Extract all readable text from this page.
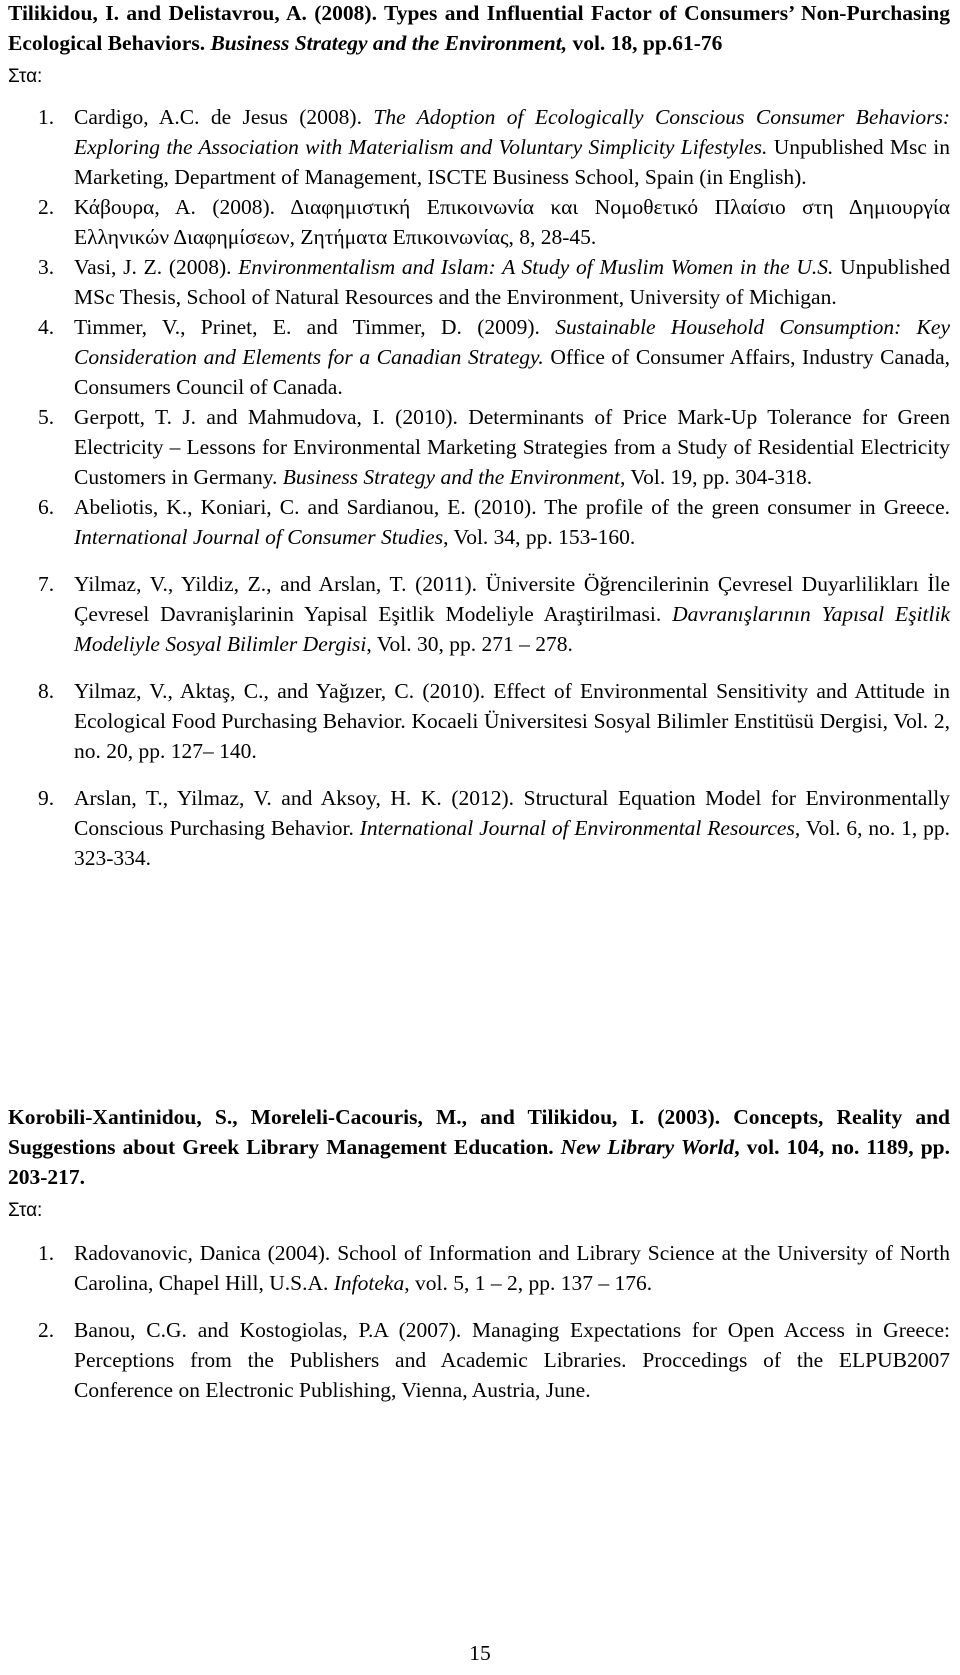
Tilikidou, I. and Delistavrou, A. (2008). Types and Influential Factor of Consumers’ Non-Purchasing Ecological Behaviors. Business Strategy and the Environment, vol. 18, pp.61-76
Στα:
1. Cardigo, A.C. de Jesus (2008). The Adoption of Ecologically Conscious Consumer Behaviors: Exploring the Association with Materialism and Voluntary Simplicity Lifestyles. Unpublished Msc in Marketing, Department of Management, ISCTE Business School, Spain (in English).
2. Κάβουρα, Α. (2008). Διαφημιστική Επικοινωνία και Νομοθετικό Πλαίσιο στη Δημιουργία Ελληνικών Διαφημίσεων, Ζητήματα Επικοινωνίας, 8, 28-45.
3. Vasi, J. Z. (2008). Environmentalism and Islam: A Study of Muslim Women in the U.S. Unpublished MSc Thesis, School of Natural Resources and the Environment, University of Michigan.
4. Timmer, V., Prinet, E. and Timmer, D. (2009). Sustainable Household Consumption: Key Consideration and Elements for a Canadian Strategy. Office of Consumer Affairs, Industry Canada, Consumers Council of Canada.
5. Gerpott, T. J. and Mahmudova, I. (2010). Determinants of Price Mark-Up Tolerance for Green Electricity – Lessons for Environmental Marketing Strategies from a Study of Residential Electricity Customers in Germany. Business Strategy and the Environment, Vol. 19, pp. 304-318.
6. Abeliotis, K., Koniari, C. and Sardianou, E. (2010). The profile of the green consumer in Greece. International Journal of Consumer Studies, Vol. 34, pp. 153-160.
7. Yilmaz, V., Yildiz, Z., and Arslan, T. (2011). Üniversite Öğrencilerinin Çevresel Duyarlilikları İle Çevresel Davranişlarinin Yapisal Eşitlik Modeliyle Araştirilmasi. Davranışlarının Yapısal Eşitlik Modeliyle Sosyal Bilimler Dergisi, Vol. 30, pp. 271 – 278.
8. Yilmaz, V., Aktaş, C., and Yağızer, C. (2010). Effect of Environmental Sensitivity and Attitude in Ecological Food Purchasing Behavior. Kocaeli Üniversitesi Sosyal Bilimler Enstitüsü Dergisi, Vol. 2, no. 20, pp. 127– 140.
9. Arslan, T., Yilmaz, V. and Aksoy, H. K. (2012). Structural Equation Model for Environmentally Conscious Purchasing Behavior. International Journal of Environmental Resources, Vol. 6, no. 1, pp. 323-334.
Korobili-Xantinidou, S., Moreleli-Cacouris, M., and Tilikidou, I. (2003). Concepts, Reality and Suggestions about Greek Library Management Education. New Library World, vol. 104, no. 1189, pp. 203-217.
Στα:
1. Radovanovic, Danica (2004). School of Information and Library Science at the University of North Carolina, Chapel Hill, U.S.A. Infoteka, vol. 5, 1 – 2, pp. 137 – 176.
2. Banou, C.G. and Kostogiolas, P.A (2007). Managing Expectations for Open Access in Greece: Perceptions from the Publishers and Academic Libraries. Proccedings of the ELPUB2007 Conference on Electronic Publishing, Vienna, Austria, June.
15
